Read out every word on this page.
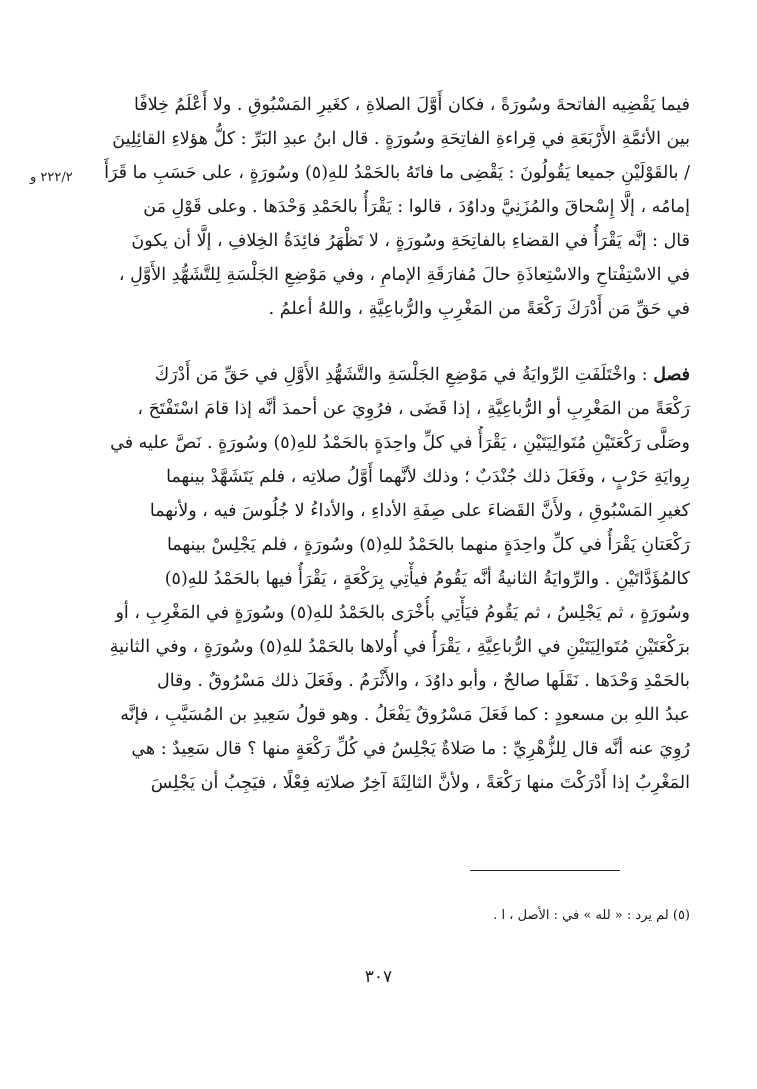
٢٢٢/٢ و
فيما يَقْضِيه الفاتحةَ وسُورَةً ، فكان أَوَّلَ الصلاةِ ، كغَيرِ المَسْبُوقِ . ولا أَعْلَمُ خِلافًا
بين الأئمَّةِ الأَرْبَعَةِ في قِراءةِ الفاتِحَةِ وسُورَةٍ . قال ابنُ عبدِ البَرِّ : كلُّ هؤلاءِ القائِلِينَ
/ بالقَوْلَيْنِ جميعا يَقُولُونَ : يَقْضِى ما فاتَهُ بالحَمْدُ للهِ(٥) وسُورَةٍ ، على حَسَبِ ما قَرَأَ
إمامُه ، إلَّا إِسْحاقَ والمُزَنِيَّ وداوُدَ ، قالوا : يَقْرَأُ بالحَمْدِ وَحْدَها . وعلى قَوْلِ مَن
قال : إنَّه يَقْرَأُ في القضاءِ بالفاتِحَةِ وسُورَةٍ ، لا تَظْهَرُ فائِدَةُ الخِلافِ ، إلَّا أن يكونَ
في الاسْتِفْتاحِ والاسْتِعاذَةِ حالَ مُفارَقَةِ الإمامِ ، وفي مَوْضِعِ الجَلْسَةِ لِلتَّشَهُّدِ الأَوَّلِ ،
في حَقِّ مَن أَدْرَكَ رَكْعَةً من المَغْرِبِ والرُّباعِيَّةِ ، واللهُ أعلمُ .
فصل : واخْتَلَفَتِ الرِّوايَةُ في مَوْضِعِ الجَلْسَةِ والتَّشَهُّدِ الأَوَّلِ في حَقِّ مَن أَدْرَكَ
رَكْعَةً من المَغْرِبِ أو الرُّباعِيَّةِ ، إذا قَضَى ، فرُوِيَ عن أحمدَ أنَّه إذا قامَ اسْتَفْتَحَ ،
وصَلَّى رَكْعَتَيْنِ مُتَوالِيَتَيْنِ ، يَقْرَأُ في كلِّ واحِدَةٍ بالحَمْدُ للهِ(٥) وسُورَةٍ . نَصَّ عليه في
رِوايَةِ حَرْبٍ ، وفَعَلَ ذلك جُنْدَبٌ ؛ وذلك لأنَّهما أَوَّلُ صلاتِه ، فلم يَتَشَهَّدْ بينهما
كغيرِ المَسْبُوقِ ، ولأَنَّ القَضاءَ على صِفَةِ الأداءِ ، والأداءُ لا جُلُوسَ فيه ، ولأنهما
رَكْعَتانِ يَقْرَأُ في كلِّ واحِدَةٍ منهما بالحَمْدُ للهِ(٥) وسُورَةٍ ، فلم يَجْلِسْ بينهما
كالمُؤَدَّاتَيْنِ . والرِّوايَةُ الثانيةُ أنَّه يَقُومُ فيأْتِي بِرَكْعَةٍ ، يَقْرَأُ فيها بالحَمْدُ للهِ(٥)
وسُورَةٍ ، ثم يَجْلِسُ ، ثم يَقُومُ فيَأْتِي بأُخْرَى بالحَمْدُ للهِ(٥) وسُورَةٍ في المَغْرِبِ ، أو
برَكْعَتَيْنِ مُتَوالِيَتَيْنِ في الرُّباعِيَّةِ ، يَقْرَأُ في أُولاها بالحَمْدُ للهِ(٥) وسُورَةٍ ، وفي الثانيةِ
بالحَمْدِ وَحْدَها . نَقَلَها صالحٌ ، وأبو داوُدَ ، والأَثْرَمُ . وفَعَلَ ذلك مَسْرُوقٌ . وقال
عبدُ اللهِ بن مسعودٍ : كما فَعَلَ مَسْرُوقٌ يَفْعَلُ . وهو قولُ سَعِيدِ بن المُسَيَّبِ ، فإنَّه
رُوِيَ عنه أنَّه قال لِلزُّهْرِيِّ : ما صَلاةٌ يَجْلِسُ في كُلِّ رَكْعَةٍ منها ؟ قال سَعِيدٌ : هي
المَغْرِبُ إذا أَدْرَكْتَ منها رَكْعَةً ، ولأنَّ الثالِثَةَ آخِرُ صلاتِه فِعْلًا ، فيَجِبُ أن يَجْلِسَ
(٥) لم يرد : « لله » في : الأصل ، ا .
٣٠٧
